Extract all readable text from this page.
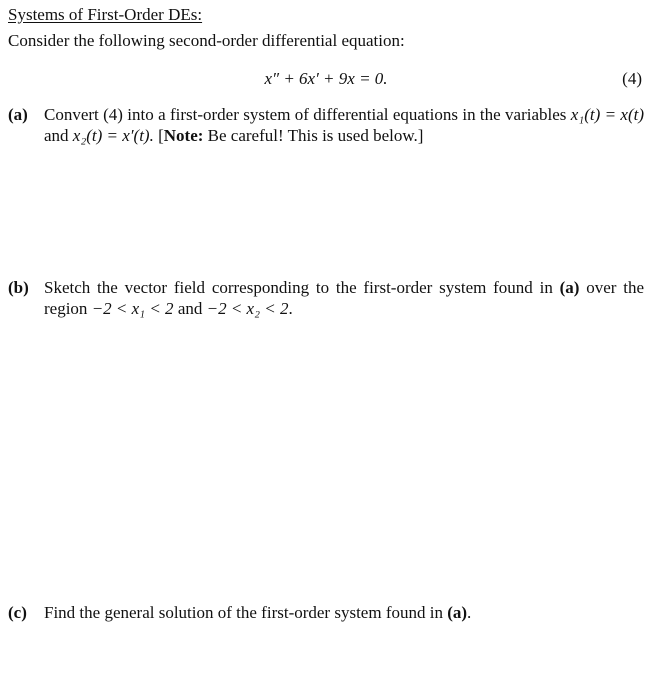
Systems of First-Order DEs:
Consider the following second-order differential equation:
x″ + 6x′ + 9x = 0.	(4)
(a) Convert (4) into a first-order system of differential equations in the variables x₁(t) = x(t) and x₂(t) = x′(t). [Note: Be careful! This is used below.]
(b) Sketch the vector field corresponding to the first-order system found in (a) over the region −2 < x₁ < 2 and −2 < x₂ < 2.
(c) Find the general solution of the first-order system found in (a).
